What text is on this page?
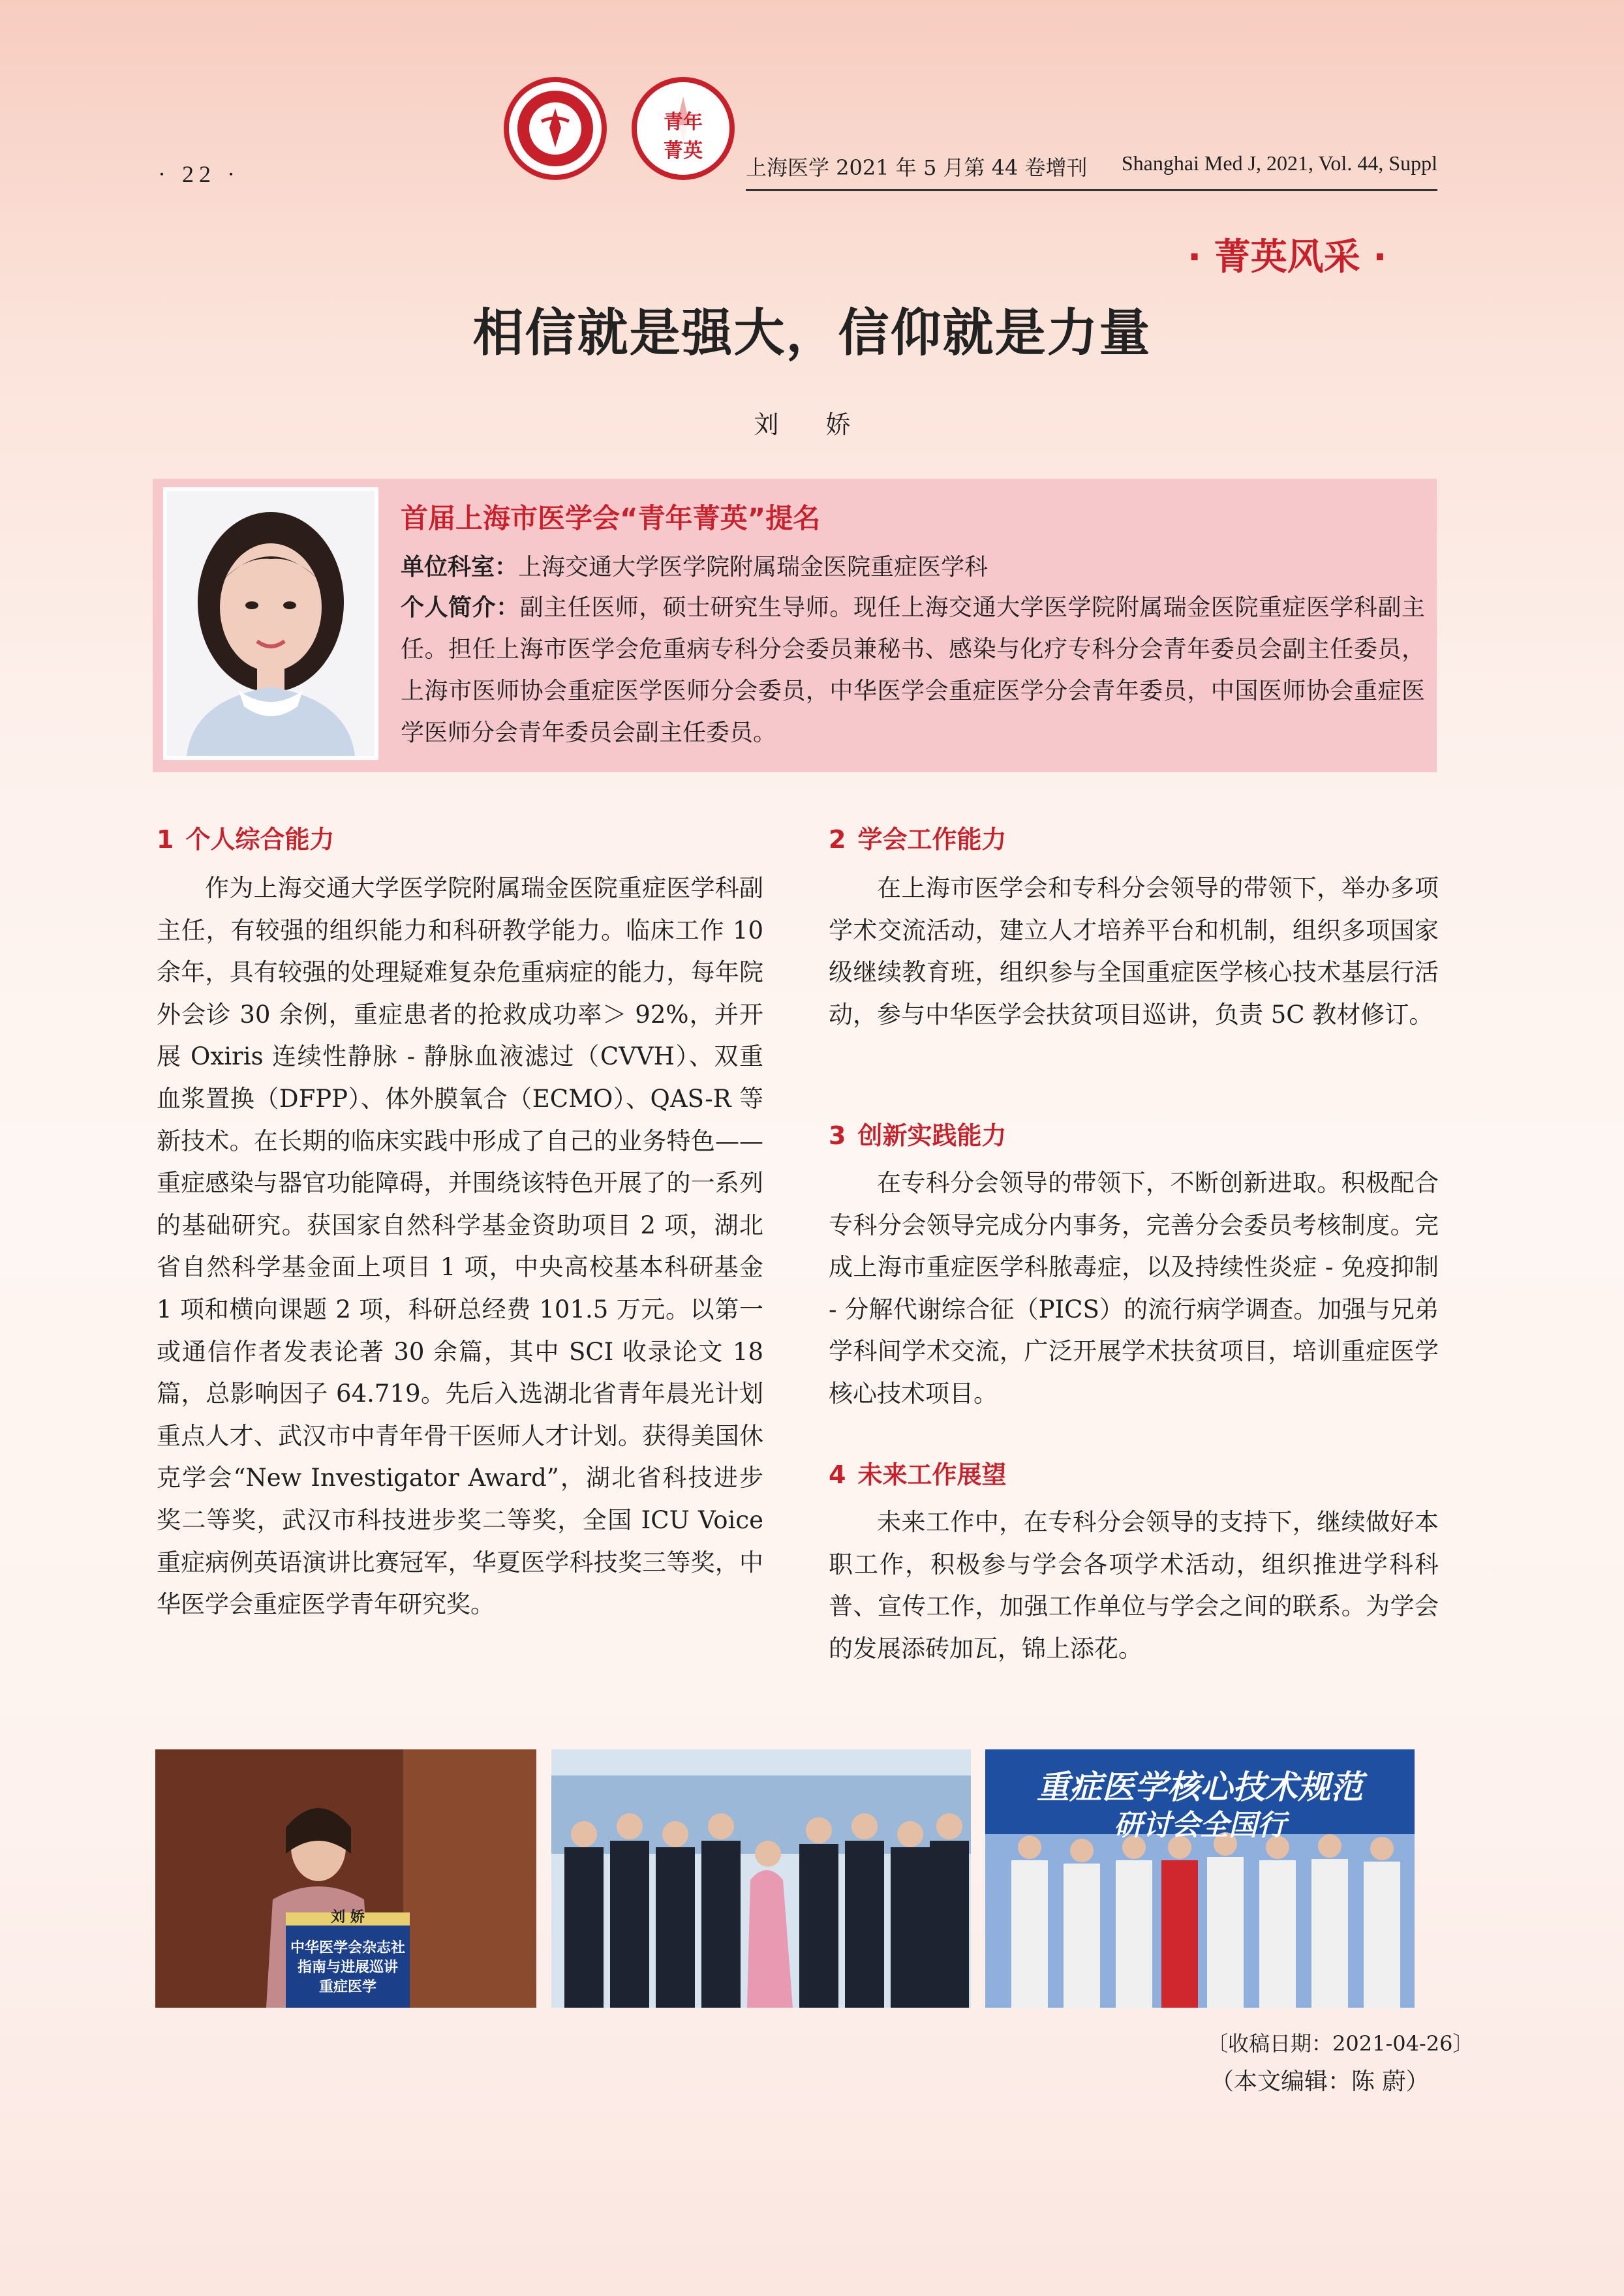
· 22 ·
青年菁英
上海医学 2021 年 5 月第 44 卷增刊 Shanghai Med J, 2021, Vol. 44, Suppl
· 菁英风采 ·
相信就是强大，信仰就是力量
刘 娇
首届上海市医学会“青年菁英”提名
单位科室：上海交通大学医学院附属瑞金医院重症医学科
个人简介：副主任医师，硕士研究生导师。现任上海交通大学医学院附属瑞金医院重症医学科副主任。担任上海市医学会危重病专科分会委员兼秘书、感染与化疗专科分会青年委员会副主任委员，上海市医师协会重症医学医师分会委员，中华医学会重症医学分会青年委员，中国医师协会重症医学医师分会青年委员会副主任委员。
1 个人综合能力
作为上海交通大学医学院附属瑞金医院重症医学科副主任，有较强的组织能力和科研教学能力。临床工作 10 余年，具有较强的处理疑难复杂危重病症的能力，每年院外会诊 30 余例，重症患者的抢救成功率＞ 92%，并开展 Oxiris 连续性静脉 - 静脉血液滤过（CVVH）、双重血浆置换（DFPP）、体外膜氧合（ECMO）、QAS-R 等新技术。在长期的临床实践中形成了自己的业务特色——重症感染与器官功能障碍，并围绕该特色开展了的一系列的基础研究。获国家自然科学基金资助项目 2 项，湖北省自然科学基金面上项目 1 项，中央高校基本科研基金 1 项和横向课题 2 项，科研总经费 101.5 万元。以第一或通信作者发表论著 30 余篇，其中 SCI 收录论文 18 篇，总影响因子 64.719。先后入选湖北省青年晨光计划重点人才、武汉市中青年骨干医师人才计划。获得美国休克学会“New Investigator Award”，湖北省科技进步奖二等奖，武汉市科技进步奖二等奖，全国 ICU Voice 重症病例英语演讲比赛冠军，华夏医学科技奖三等奖，中华医学会重症医学青年研究奖。
2 学会工作能力
在上海市医学会和专科分会领导的带领下，举办多项学术交流活动，建立人才培养平台和机制，组织多项国家级继续教育班，组织参与全国重症医学核心技术基层行活动，参与中华医学会扶贫项目巡讲，负责 5C 教材修订。
3 创新实践能力
在专科分会领导的带领下，不断创新进取。积极配合专科分会领导完成分内事务，完善分会委员考核制度。完成上海市重症医学科脓毒症，以及持续性炎症 - 免疫抑制 - 分解代谢综合征（PICS）的流行病学调查。加强与兄弟学科间学术交流，广泛开展学术扶贫项目，培训重症医学核心技术项目。
4 未来工作展望
未来工作中，在专科分会领导的支持下，继续做好本职工作，积极参与学会各项学术活动，组织推进学科科普、宣传工作，加强工作单位与学会之间的联系。为学会的发展添砖加瓦，锦上添花。
刘 娇
中华医学会杂志社 指南与进展巡讲 重症医学
重症医学核心技术规范
研讨会全国行
〔收稿日期：2021-04-26〕
（本文编辑：陈 蔚）
